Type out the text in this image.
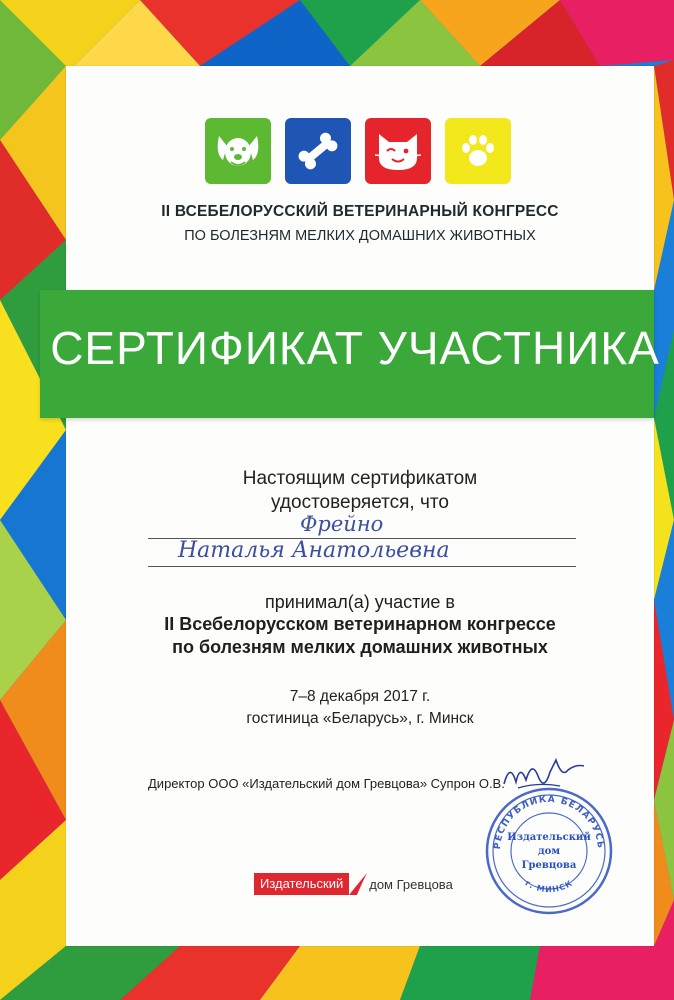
II ВСЕБЕЛОРУССКИЙ ВЕТЕРИНАРНЫЙ КОНГРЕСС
ПО БОЛЕЗНЯМ МЕЛКИХ ДОМАШНИХ ЖИВОТНЫХ
СЕРТИФИКАТ УЧАСТНИКА
Настоящим сертификатом
удостоверяется, что
Фрейно
Наталья Анатольевна
принимал(а) участие в
II Всебелорусском ветеринарном конгрессе
по болезням мелких домашних животных
7–8 декабря 2017 г.
гостиница «Беларусь», г. Минск
Директор ООО «Издательский дом Гревцова» Супрон О.В.
РЕСПУБЛИКА БЕЛАРУСЬ
г. МИНСК
Издательский
дом
Гревцова
Издательский	дом Гревцова
